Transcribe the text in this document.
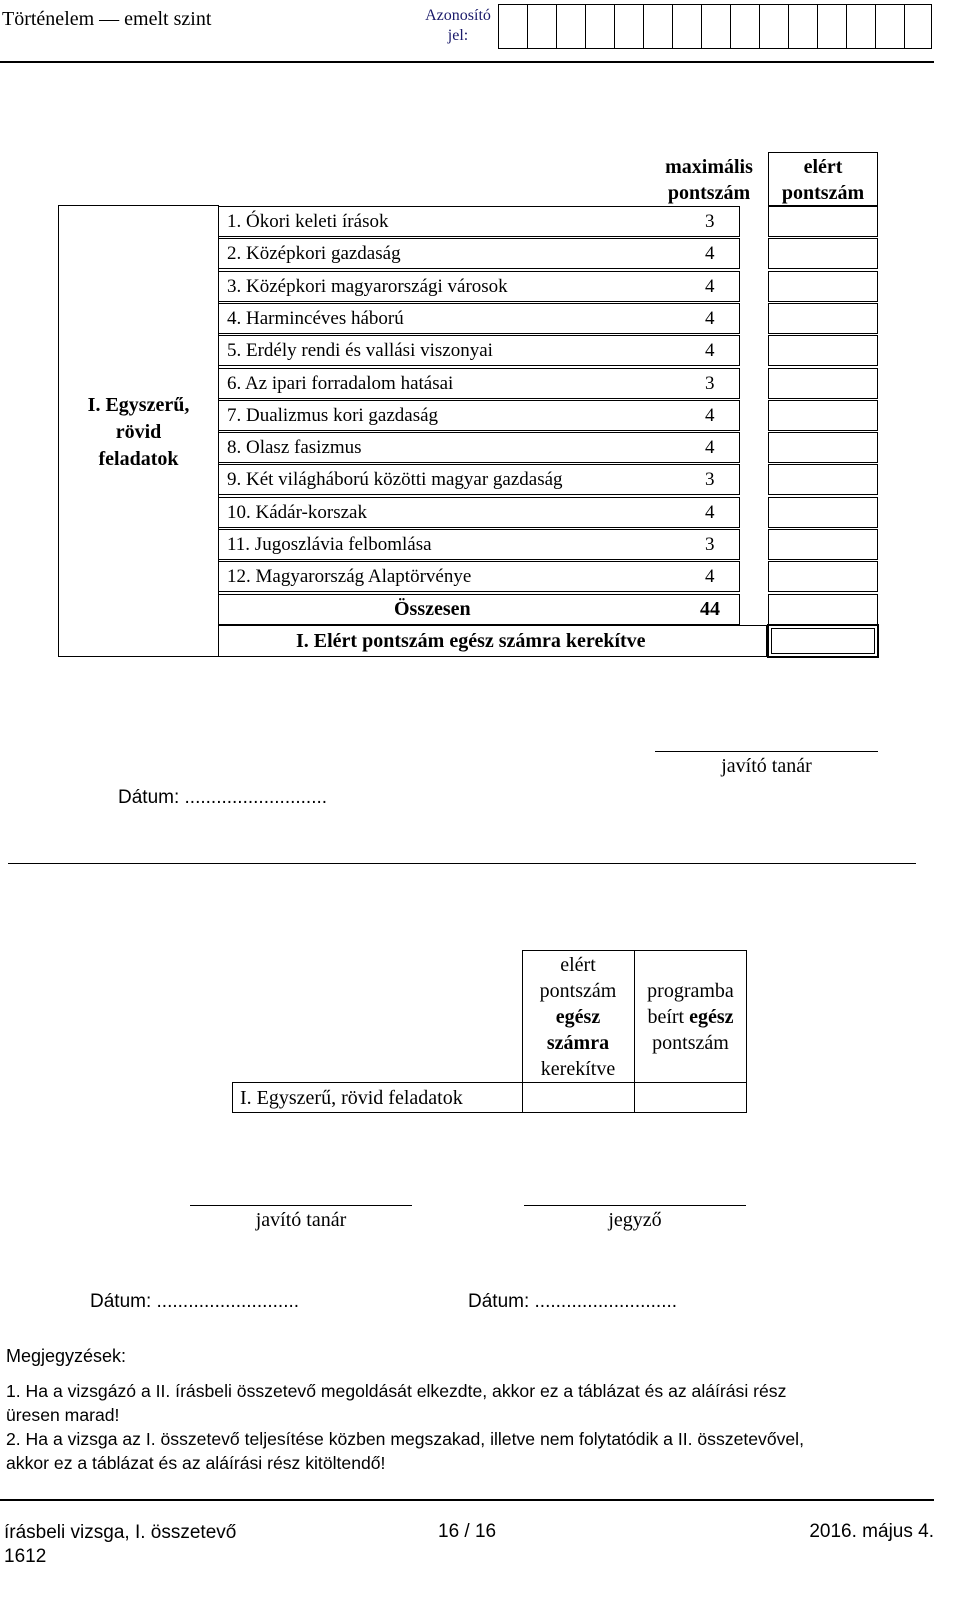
Történelem — emelt szint	Azonosító
jel:
maximális
pontszám
elért
pontszám
I. Egyszerű,
rövid
feladatok
1. Ókori keleti írások	3
2. Középkori gazdaság	4
3. Középkori magyarországi városok	4
4. Harmincéves háború	4
5. Erdély rendi és vallási viszonyai	4
6. Az ipari forradalom hatásai	3
7. Dualizmus kori gazdaság	4
8. Olasz fasizmus	4
9. Két világháború közötti magyar gazdaság	3
10. Kádár-korszak	4
11. Jugoszlávia felbomlása	3
12. Magyarország Alaptörvénye	4
Összesen	44
I. Elért pontszám egész számra kerekítve
javító tanár
Dátum: ...........................
elért
pontszám
egész
számra
kerekítve
programba
beírt egész
pontszám
I. Egyszerű, rövid feladatok
javító tanár	jegyző
Dátum: ...........................	Dátum: ...........................
Megjegyzések:
1. Ha a vizsgázó a II. írásbeli összetevő megoldását elkezdte, akkor ez a táblázat és az aláírási rész
üresen marad!
2. Ha a vizsga az I. összetevő teljesítése közben megszakad, illetve nem folytatódik a II. összetevővel,
akkor ez a táblázat és az aláírási rész kitöltendő!
írásbeli vizsga, I. összetevő
1612
16 / 16	2016. május 4.
